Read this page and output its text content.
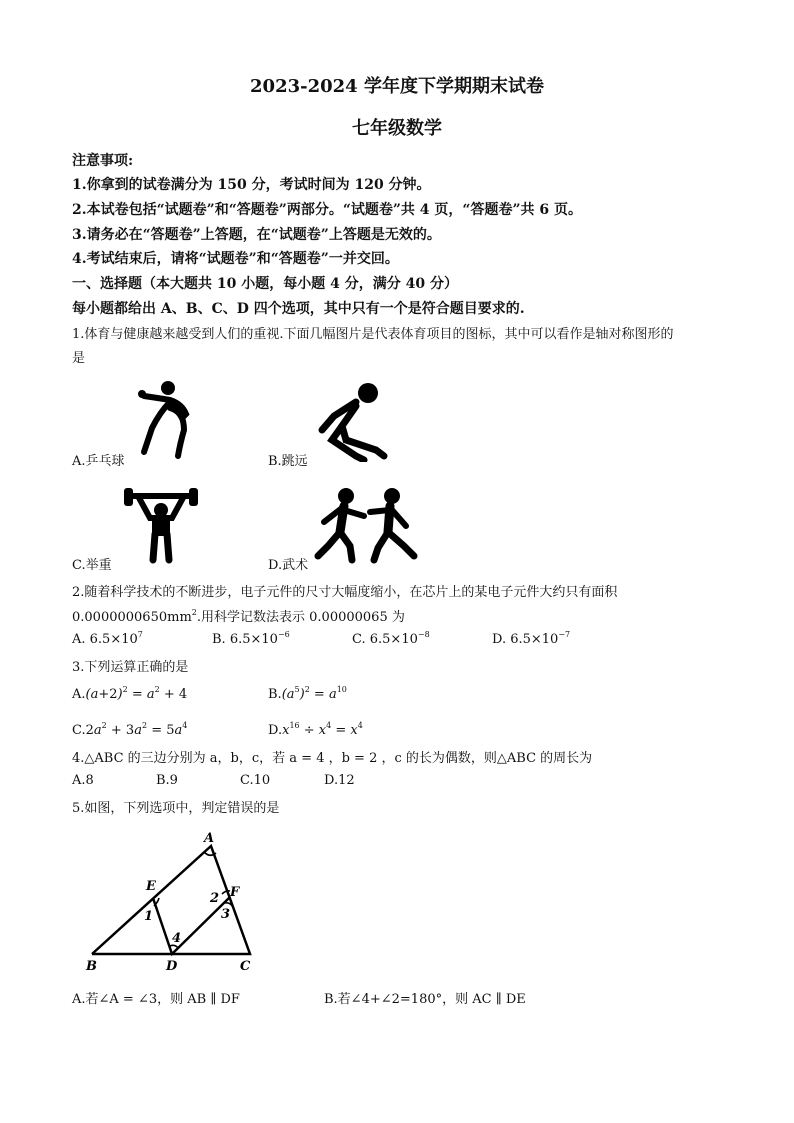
2023-2024 学年度下学期期末试卷
七年级数学
注意事项:
1.你拿到的试卷满分为 150 分，考试时间为 120 分钟。
2.本试卷包括“试题卷”和“答题卷”两部分。“试题卷”共 4 页，“答题卷”共 6 页。
3.请务必在“答题卷”上答题，在“试题卷”上答题是无效的。
4.考试结束后，请将“试题卷”和“答题卷”一并交回。
一、选择题（本大题共 10 小题，每小题 4 分，满分 40 分）
每小题都给出 A、B、C、D 四个选项，其中只有一个是符合题目要求的.
1.体育与健康越来越受到人们的重视.下面几幅图片是代表体育项目的图标，其中可以看作是轴对称图形的
是
A.乒乓球	B.跳远
C.举重	D.武术
2.随着科学技术的不断进步，电子元件的尺寸大幅度缩小，在芯片上的某电子元件大约只有面积
$0.0000000650mm^2$.用科学记数法表示 0.00000065 为
A. $6.5\times 10^7$	B. $6.5\times 10^{-6}$	C. $6.5\times 10^{-8}$	D. $6.5\times 10^{-7}$
3.下列运算正确的是
$A.(a+2)^2 = a^2 + 4$	$B.(a^5)^2 = a^{10}$
$C.2a^2 + 3a^2 = 5a^4$	$D.x^{16} \div x^4 = x^4$
4.△ABC 的三边分别为 a，b，c，若 a = 4 ，b = 2 ，c 的长为偶数，则△ABC 的周长为
A.8	B.9	C.10	D.12
5.如图，下列选项中，判定错误的是
A
E	F
B	D	C
1
2
3
4
A.若∠A = ∠3，则 AB ∥ DF	B.若∠4+∠2=180°，则 AC ∥ DE
